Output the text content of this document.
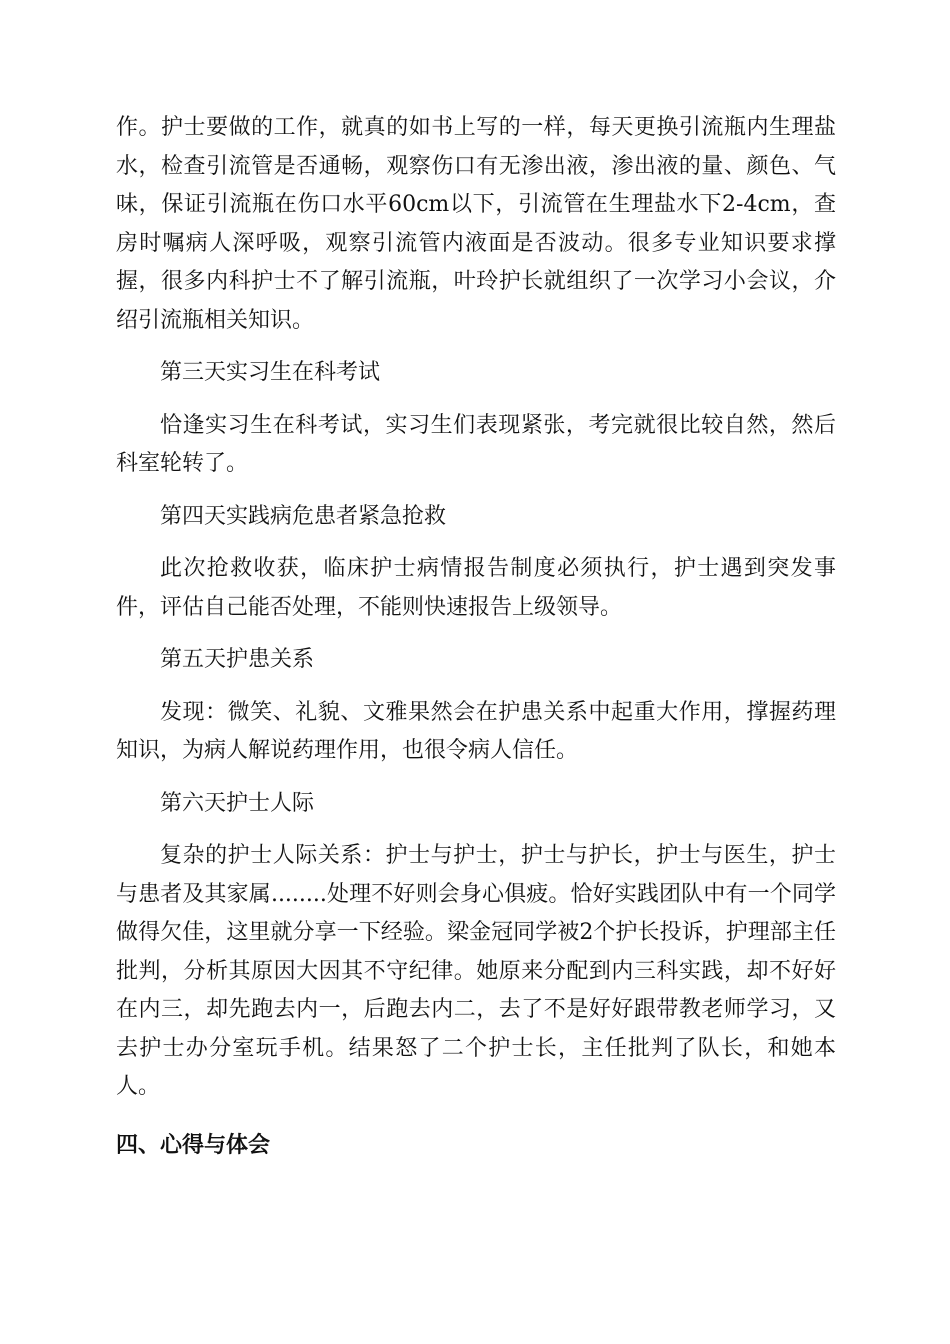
作。护士要做的工作，就真的如书上写的一样，每天更换引流瓶内生理盐水，检查引流管是否通畅，观察伤口有无渗出液，渗出液的量、颜色、气味，保证引流瓶在伤口水平60cm以下，引流管在生理盐水下2-4cm，查房时嘱病人深呼吸，观察引流管内液面是否波动。很多专业知识要求撑握，很多内科护士不了解引流瓶，叶玲护长就组织了一次学习小会议，介绍引流瓶相关知识。

第三天实习生在科考试

恰逢实习生在科考试，实习生们表现紧张，考完就很比较自然，然后科室轮转了。

第四天实践病危患者紧急抢救

此次抢救收获，临床护士病情报告制度必须执行，护士遇到突发事件，评估自己能否处理，不能则快速报告上级领导。

第五天护患关系

发现：微笑、礼貌、文雅果然会在护患关系中起重大作用，撑握药理知识，为病人解说药理作用，也很令病人信任。

第六天护士人际

复杂的护士人际关系：护士与护士，护士与护长，护士与医生，护士与患者及其家属........处理不好则会身心俱疲。恰好实践团队中有一个同学做得欠佳，这里就分享一下经验。梁金冠同学被2个护长投诉，护理部主任批判，分析其原因大因其不守纪律。她原来分配到内三科实践，却不好好在内三，却先跑去内一，后跑去内二，去了不是好好跟带教老师学习，又去护士办分室玩手机。结果怒了二个护士长，主任批判了队长，和她本人。

四、心得与体会
